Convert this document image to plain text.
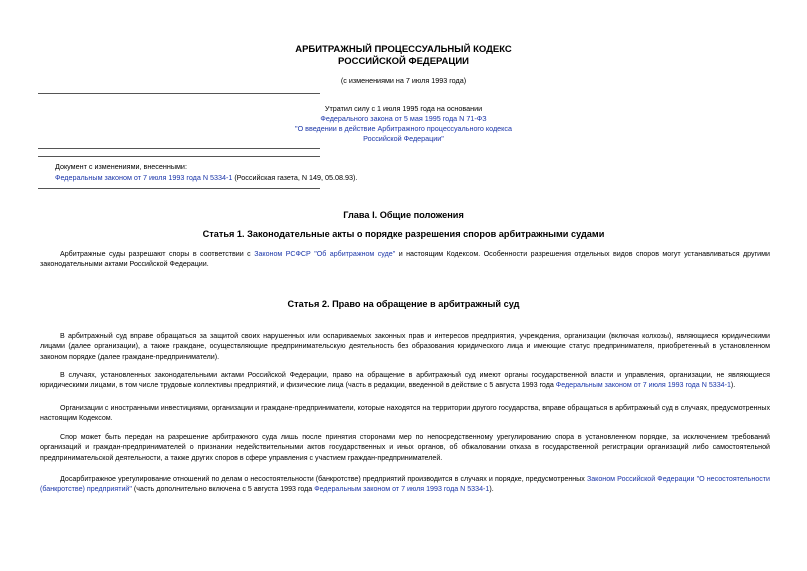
АРБИТРАЖНЫЙ ПРОЦЕССУАЛЬНЫЙ КОДЕКС
РОССИЙСКОЙ ФЕДЕРАЦИИ
(с изменениями на 7 июля 1993 года)
Утратил силу с 1 июля 1995 года на основании
Федерального закона от 5 мая 1995 года N 71-ФЗ
"О введении в действие Арбитражного процессуального кодекса
Российской Федерации"
Документ с изменениями, внесенными:
Федеральным законом от 7 июля 1993 года N 5334-1 (Российская газета, N 149, 05.08.93).
Глава I. Общие положения
Статья 1. Законодательные акты о порядке разрешения споров арбитражными судами
Арбитражные суды разрешают споры в соответствии с Законом РСФСР "Об арбитражном суде" и настоящим Кодексом. Особенности разрешения отдельных видов споров могут устанавливаться другими законодательными актами Российской Федерации.
Статья 2. Право на обращение в арбитражный суд
В арбитражный суд вправе обращаться за защитой своих нарушенных или оспариваемых законных прав и интересов предприятия, учреждения, организации (включая колхозы), являющиеся юридическими лицами (далее организации), а также граждане, осуществляющие предпринимательскую деятельность без образования юридического лица и имеющие статус предпринимателя, приобретенный в установленном законом порядке (далее граждане-предприниматели).
В случаях, установленных законодательными актами Российской Федерации, право на обращение в арбитражный суд имеют органы государственной власти и управления, организации, не являющиеся юридическими лицами, в том числе трудовые коллективы предприятий, и физические лица (часть в редакции, введенной в действие с 5 августа 1993 года Федеральным законом от 7 июля 1993 года N 5334-1).
Организации с иностранными инвестициями, организации и граждане-предприниматели, которые находятся на территории другого государства, вправе обращаться в арбитражный суд в случаях, предусмотренных настоящим Кодексом.
Спор может быть передан на разрешение арбитражного суда лишь после принятия сторонами мер по непосредственному урегулированию спора в установленном порядке, за исключением требований организаций и граждан-предпринимателей о признании недействительными актов государственных и иных органов, об обжаловании отказа в государственной регистрации организаций либо самостоятельной предпринимательской деятельности, а также других споров в сфере управления с участием граждан-предпринимателей.
Досарбитражное урегулирование отношений по делам о несостоятельности (банкротстве) предприятий производится в случаях и порядке, предусмотренных Законом Российской Федерации "О несостоятельности (банкротстве) предприятий" (часть дополнительно включена с 5 августа 1993 года Федеральным законом от 7 июля 1993 года N 5334-1).
